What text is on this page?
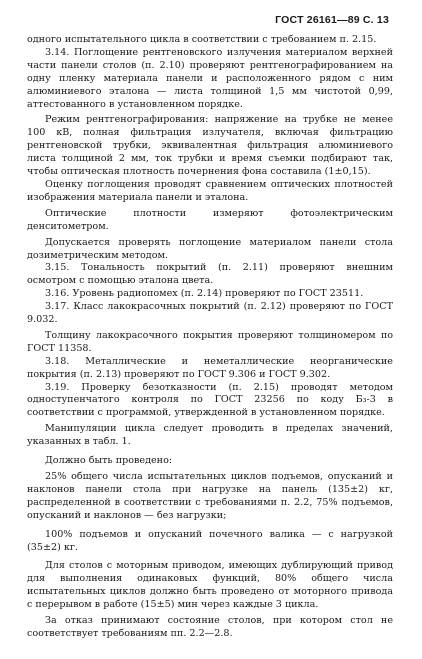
ГОСТ 26161—89 С. 13

одного испытательного цикла в соответствии с требованием п. 2.15.

3.14. Поглощение рентгеновского излучения материалом верхней части панели столов (п. 2.10) проверяют рентгенографированием на одну пленку материала панели и расположенного рядом с ним алюминиевого эталона — листа толщиной 1,5 мм чистотой 0,99, аттестованного в установленном порядке.

Режим рентгенографирования: напряжение на трубке не менее 100 кВ, полная фильтрация излучателя, включая фильтрацию рентгеновской трубки, эквивалентная фильтрация алюминиевого листа толщиной 2 мм, ток трубки и время съемки подбирают так, чтобы оптическая плотность почернения фона составила (1±0,15).

Оценку поглощения проводят сравнением оптических плотностей изображения материала панели и эталона.

Оптические плотности измеряют фотоэлектрическим денситометром.

Допускается проверять поглощение материалом панели стола дозиметрическим методом.

3.15. Тональность покрытий (п. 2.11) проверяют внешним осмотром с помощью эталона цвета.

3.16. Уровень радиопомех (п. 2.14) проверяют по ГОСТ 23511.

3.17. Класс лакокрасочных покрытий (п. 2.12) проверяют по ГОСТ 9.032.

Толщину лакокрасочного покрытия проверяют толщиномером по ГОСТ 11358.

3.18. Металлические и неметаллические неорганические покрытия (п. 2.13) проверяют по ГОСТ 9.306 и ГОСТ 9.302.

3.19. Проверку безотказности (п. 2.15) проводят методом одноступенчатого контроля по ГОСТ 23256 по коду Б₃-3 в соответствии с программой, утвержденной в установленном порядке.

Манипуляции цикла следует проводить в пределах значений, указанных в табл. 1.

Должно быть проведено:

25% общего числа испытательных циклов подъемов, опусканий и наклонов панели стола при нагрузке на панель (135±2) кг, распределенной в соответствии с требованиями п. 2.2, 75% подъемов, опусканий и наклонов — без нагрузки;

100% подъемов и опусканий почечного валика — с нагрузкой (35±2) кг.

Для столов с моторным приводом, имеющих дублирующий привод для выполнения одинаковых функций, 80% общего числа испытательных циклов должно быть проведено от моторного привода с перерывом в работе (15±5) мин через каждые 3 цикла.

За отказ принимают состояние столов, при котором стол не соответствует требованиям пп. 2.2—2.8.
